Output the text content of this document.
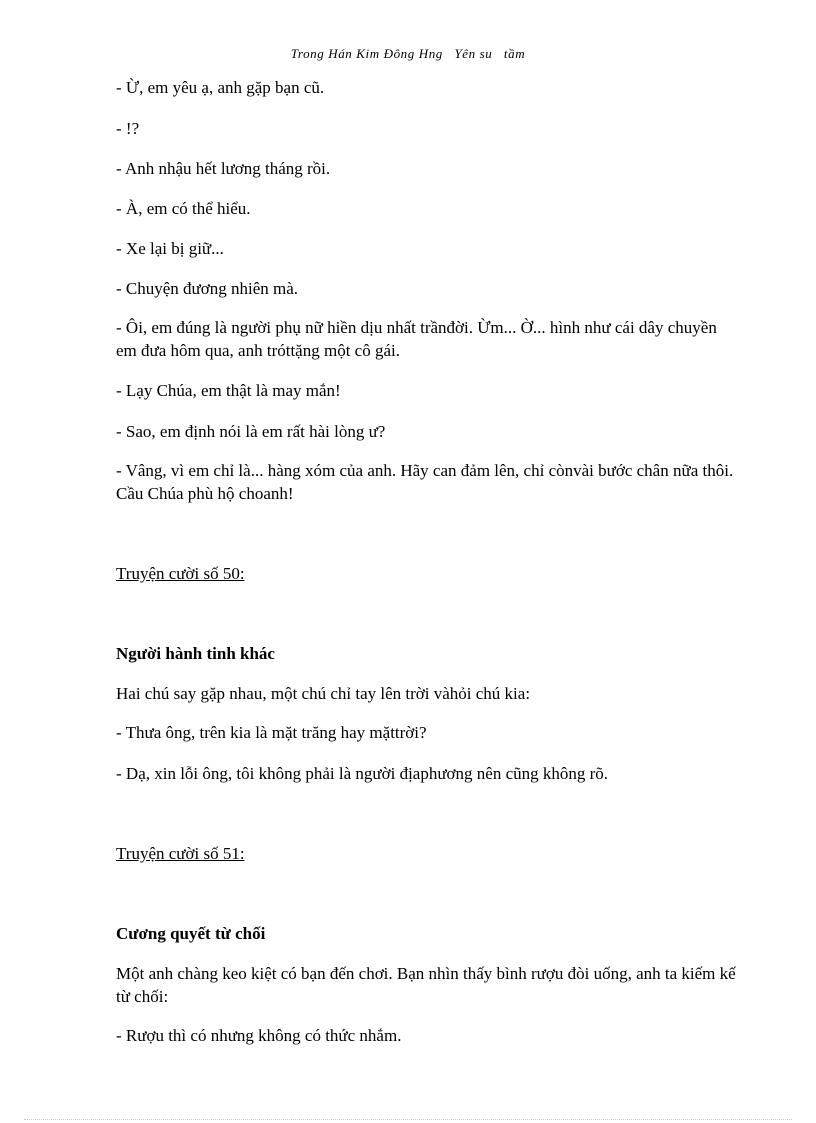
Trong Hán Kim Đông Hng   Yên su   tầm
- Ừ, em yêu ạ, anh gặp bạn cũ.
- !?
- Anh nhậu hết lương tháng rồi.
- À, em có thể hiểu.
- Xe lại bị giữ...
- Chuyện đương nhiên mà.
- Ôi, em đúng là người phụ nữ hiền dịu nhất trầnđời. Ừm... Ờ... hình như cái dây chuyền em đưa hôm qua, anh tróttặng một cô gái.
- Lạy Chúa, em thật là may mắn!
- Sao, em định nói là em rất hài lòng ư?
- Vâng, vì em chỉ là... hàng xóm của anh. Hãy can đảm lên, chỉ cònvài bước chân nữa thôi. Cầu Chúa phù hộ choanh!
Truyện cười số 50:
Người hành tinh khác
Hai chú say gặp nhau, một chú chỉ tay lên trời vàhỏi chú kia:
- Thưa ông, trên kia là mặt trăng hay mặttrời?
- Dạ, xin lỗi ông, tôi không phải là người địaphương nên cũng không rõ.
Truyện cười số 51:
Cương quyết từ chối
Một anh chàng keo kiệt có bạn đến chơi. Bạn nhìn thấy bình rượu đòi uống, anh ta kiếm kế từ chối:
- Rượu thì có nhưng không có thức nhắm.
